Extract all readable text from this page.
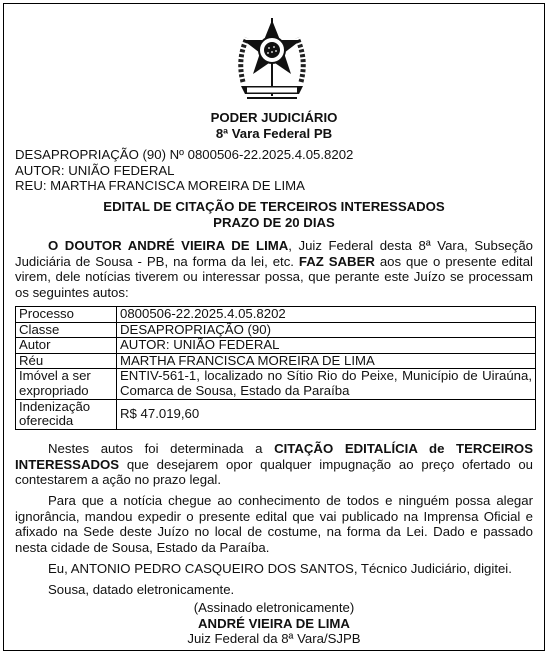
PODER JUDICIÁRIO
8ª Vara Federal PB
DESAPROPRIAÇÃO (90) Nº 0800506-22.2025.4.05.8202
AUTOR: UNIÃO FEDERAL
REU: MARTHA FRANCISCA MOREIRA DE LIMA
EDITAL DE CITAÇÃO DE TERCEIROS INTERESSADOS
PRAZO DE 20 DIAS
O DOUTOR ANDRÉ VIEIRA DE LIMA, Juiz Federal desta 8ª Vara, Subseção Judiciária de Sousa - PB, na forma da lei, etc. FAZ SABER aos que o presente edital virem, dele notícias tiverem ou interessar possa, que perante este Juízo se processam os seguintes autos:
Processo	0800506-22.2025.4.05.8202
Classe	DESAPROPRIAÇÃO (90)
Autor	AUTOR: UNIÃO FEDERAL
Réu	MARTHA FRANCISCA MOREIRA DE LIMA
Imóvel a ser expropriado	ENTIV-561-1, localizado no Sítio Rio do Peixe, Município de Uiraúna, Comarca de Sousa, Estado da Paraíba
Indenização oferecida	R$ 47.019,60
Nestes autos foi determinada a CITAÇÃO EDITALÍCIA de TERCEIROS INTERESSADOS que desejarem opor qualquer impugnação ao preço ofertado ou contestarem a ação no prazo legal.
Para que a notícia chegue ao conhecimento de todos e ninguém possa alegar ignorância, mandou expedir o presente edital que vai publicado na Imprensa Oficial e afixado na Sede deste Juízo no local de costume, na forma da Lei. Dado e passado nesta cidade de Sousa, Estado da Paraíba.
Eu, ANTONIO PEDRO CASQUEIRO DOS SANTOS, Técnico Judiciário, digitei.
Sousa, datado eletronicamente.
(Assinado eletronicamente)
ANDRÉ VIEIRA DE LIMA
Juiz Federal da 8ª Vara/SJPB
